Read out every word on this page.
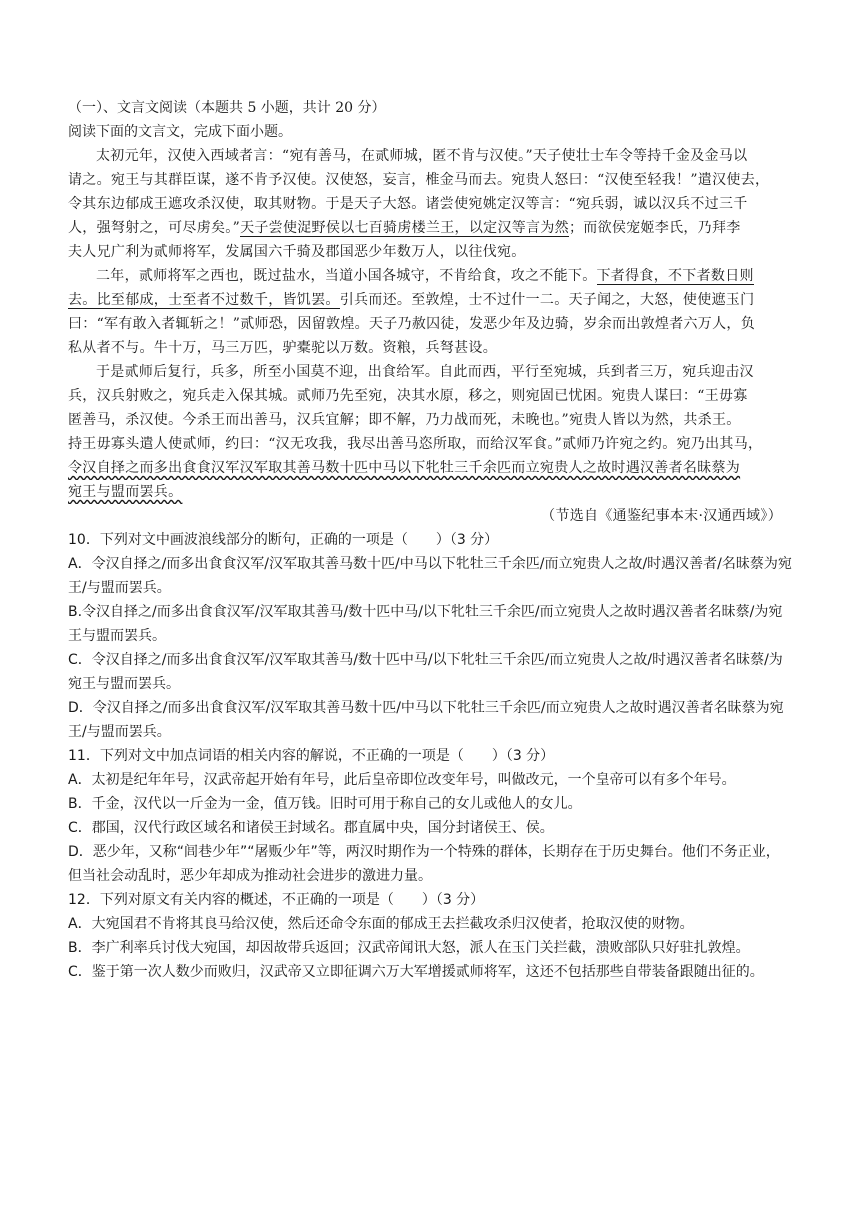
（一）、文言文阅读（本题共 5 小题，共计 20 分）
阅读下面的文言文，完成下面小题。
太初元年，汉使入西域者言：“宛有善马，在贰师城，匿不肯与汉使。”天子使壮士车令等持千金及金马以
请之。宛王与其群臣谋，遂不肯予汉使。汉使怒，妄言，椎金马而去。宛贵人怒曰：“汉使至轻我！”遣汉使去，
令其东边郁成王遮攻杀汉使，取其财物。于是天子大怒。诸尝使宛姚定汉等言：“宛兵弱，诚以汉兵不过三千
人，强弩射之，可尽虏矣。”天子尝使浞野侯以七百骑虏楼兰王，以定汉等言为然；而欲侯宠姬李氏，乃拜李
夫人兄广利为贰师将军，发属国六千骑及郡国恶少年数万人，以往伐宛。
二年，贰师将军之西也，既过盐水，当道小国各城守，不肯给食，攻之不能下。下者得食，不下者数日则
去。比至郁成，士至者不过数千，皆饥罢。引兵而还。至敦煌，士不过什一二。天子闻之，大怒，使使遮玉门
曰：“军有敢入者辄斩之！”贰师恐，因留敦煌。天子乃赦囚徒，发恶少年及边骑，岁余而出敦煌者六万人，负
私从者不与。牛十万，马三万匹，驴橐驼以万数。资粮，兵弩甚设。
于是贰师后复行，兵多，所至小国莫不迎，出食给军。自此而西，平行至宛城，兵到者三万，宛兵迎击汉
兵，汉兵射败之，宛兵走入保其城。贰师乃先至宛，决其水原，移之，则宛固已忧困。宛贵人谋曰：“王毋寡
匿善马，杀汉使。今杀王而出善马，汉兵宜解；即不解，乃力战而死，未晚也。”宛贵人皆以为然，共杀王。
持王毋寡头遣人使贰师，约曰：“汉无攻我，我尽出善马恣所取，而给汉军食。”贰师乃许宛之约。宛乃出其马，
令汉自择之而多出食食汉军汉军取其善马数十匹中马以下牝牡三千余匹而立宛贵人之故时遇汉善者名昧蔡为
宛王与盟而罢兵。
（节选自《通鉴纪事本末·汉通西域》）
10．下列对文中画波浪线部分的断句，正确的一项是（　　）（3 分）
A．令汉自择之/而多出食食汉军/汉军取其善马数十匹/中马以下牝牡三千余匹/而立宛贵人之故/时遇汉善者/名昧蔡为宛王/与盟而罢兵。
B.令汉自择之/而多出食食汉军/汉军取其善马/数十匹中马/以下牝牡三千余匹/而立宛贵人之故时遇汉善者名昧蔡/为宛王与盟而罢兵。
C．令汉自择之/而多出食食汉军/汉军取其善马/数十匹中马/以下牝牡三千余匹/而立宛贵人之故/时遇汉善者名昧蔡/为宛王与盟而罢兵。
D．令汉自择之/而多出食食汉军/汉军取其善马数十匹/中马以下牝牡三千余匹/而立宛贵人之故时遇汉善者名昧蔡为宛王/与盟而罢兵。
11．下列对文中加点词语的相关内容的解说，不正确的一项是（　　）（3 分）
A．太初是纪年年号，汉武帝起开始有年号，此后皇帝即位改变年号，叫做改元，一个皇帝可以有多个年号。
B．千金，汉代以一斤金为一金，值万钱。旧时可用于称自己的女儿或他人的女儿。
C．郡国，汉代行政区域名和诸侯王封域名。郡直属中央，国分封诸侯王、侯。
D．恶少年，又称“闾巷少年”“屠贩少年”等，两汉时期作为一个特殊的群体，长期存在于历史舞台。他们不务正业，但当社会动乱时，恶少年却成为推动社会进步的激进力量。
12．下列对原文有关内容的概述，不正确的一项是（　　）（3 分）
A．大宛国君不肯将其良马给汉使，然后还命令东面的郁成王去拦截攻杀归汉使者，抢取汉使的财物。
B．李广利率兵讨伐大宛国，却因故带兵返回；汉武帝闻讯大怒，派人在玉门关拦截，溃败部队只好驻扎敦煌。
C．鉴于第一次人数少而败归，汉武帝又立即征调六万大军增援贰师将军，这还不包括那些自带装备跟随出征的。
